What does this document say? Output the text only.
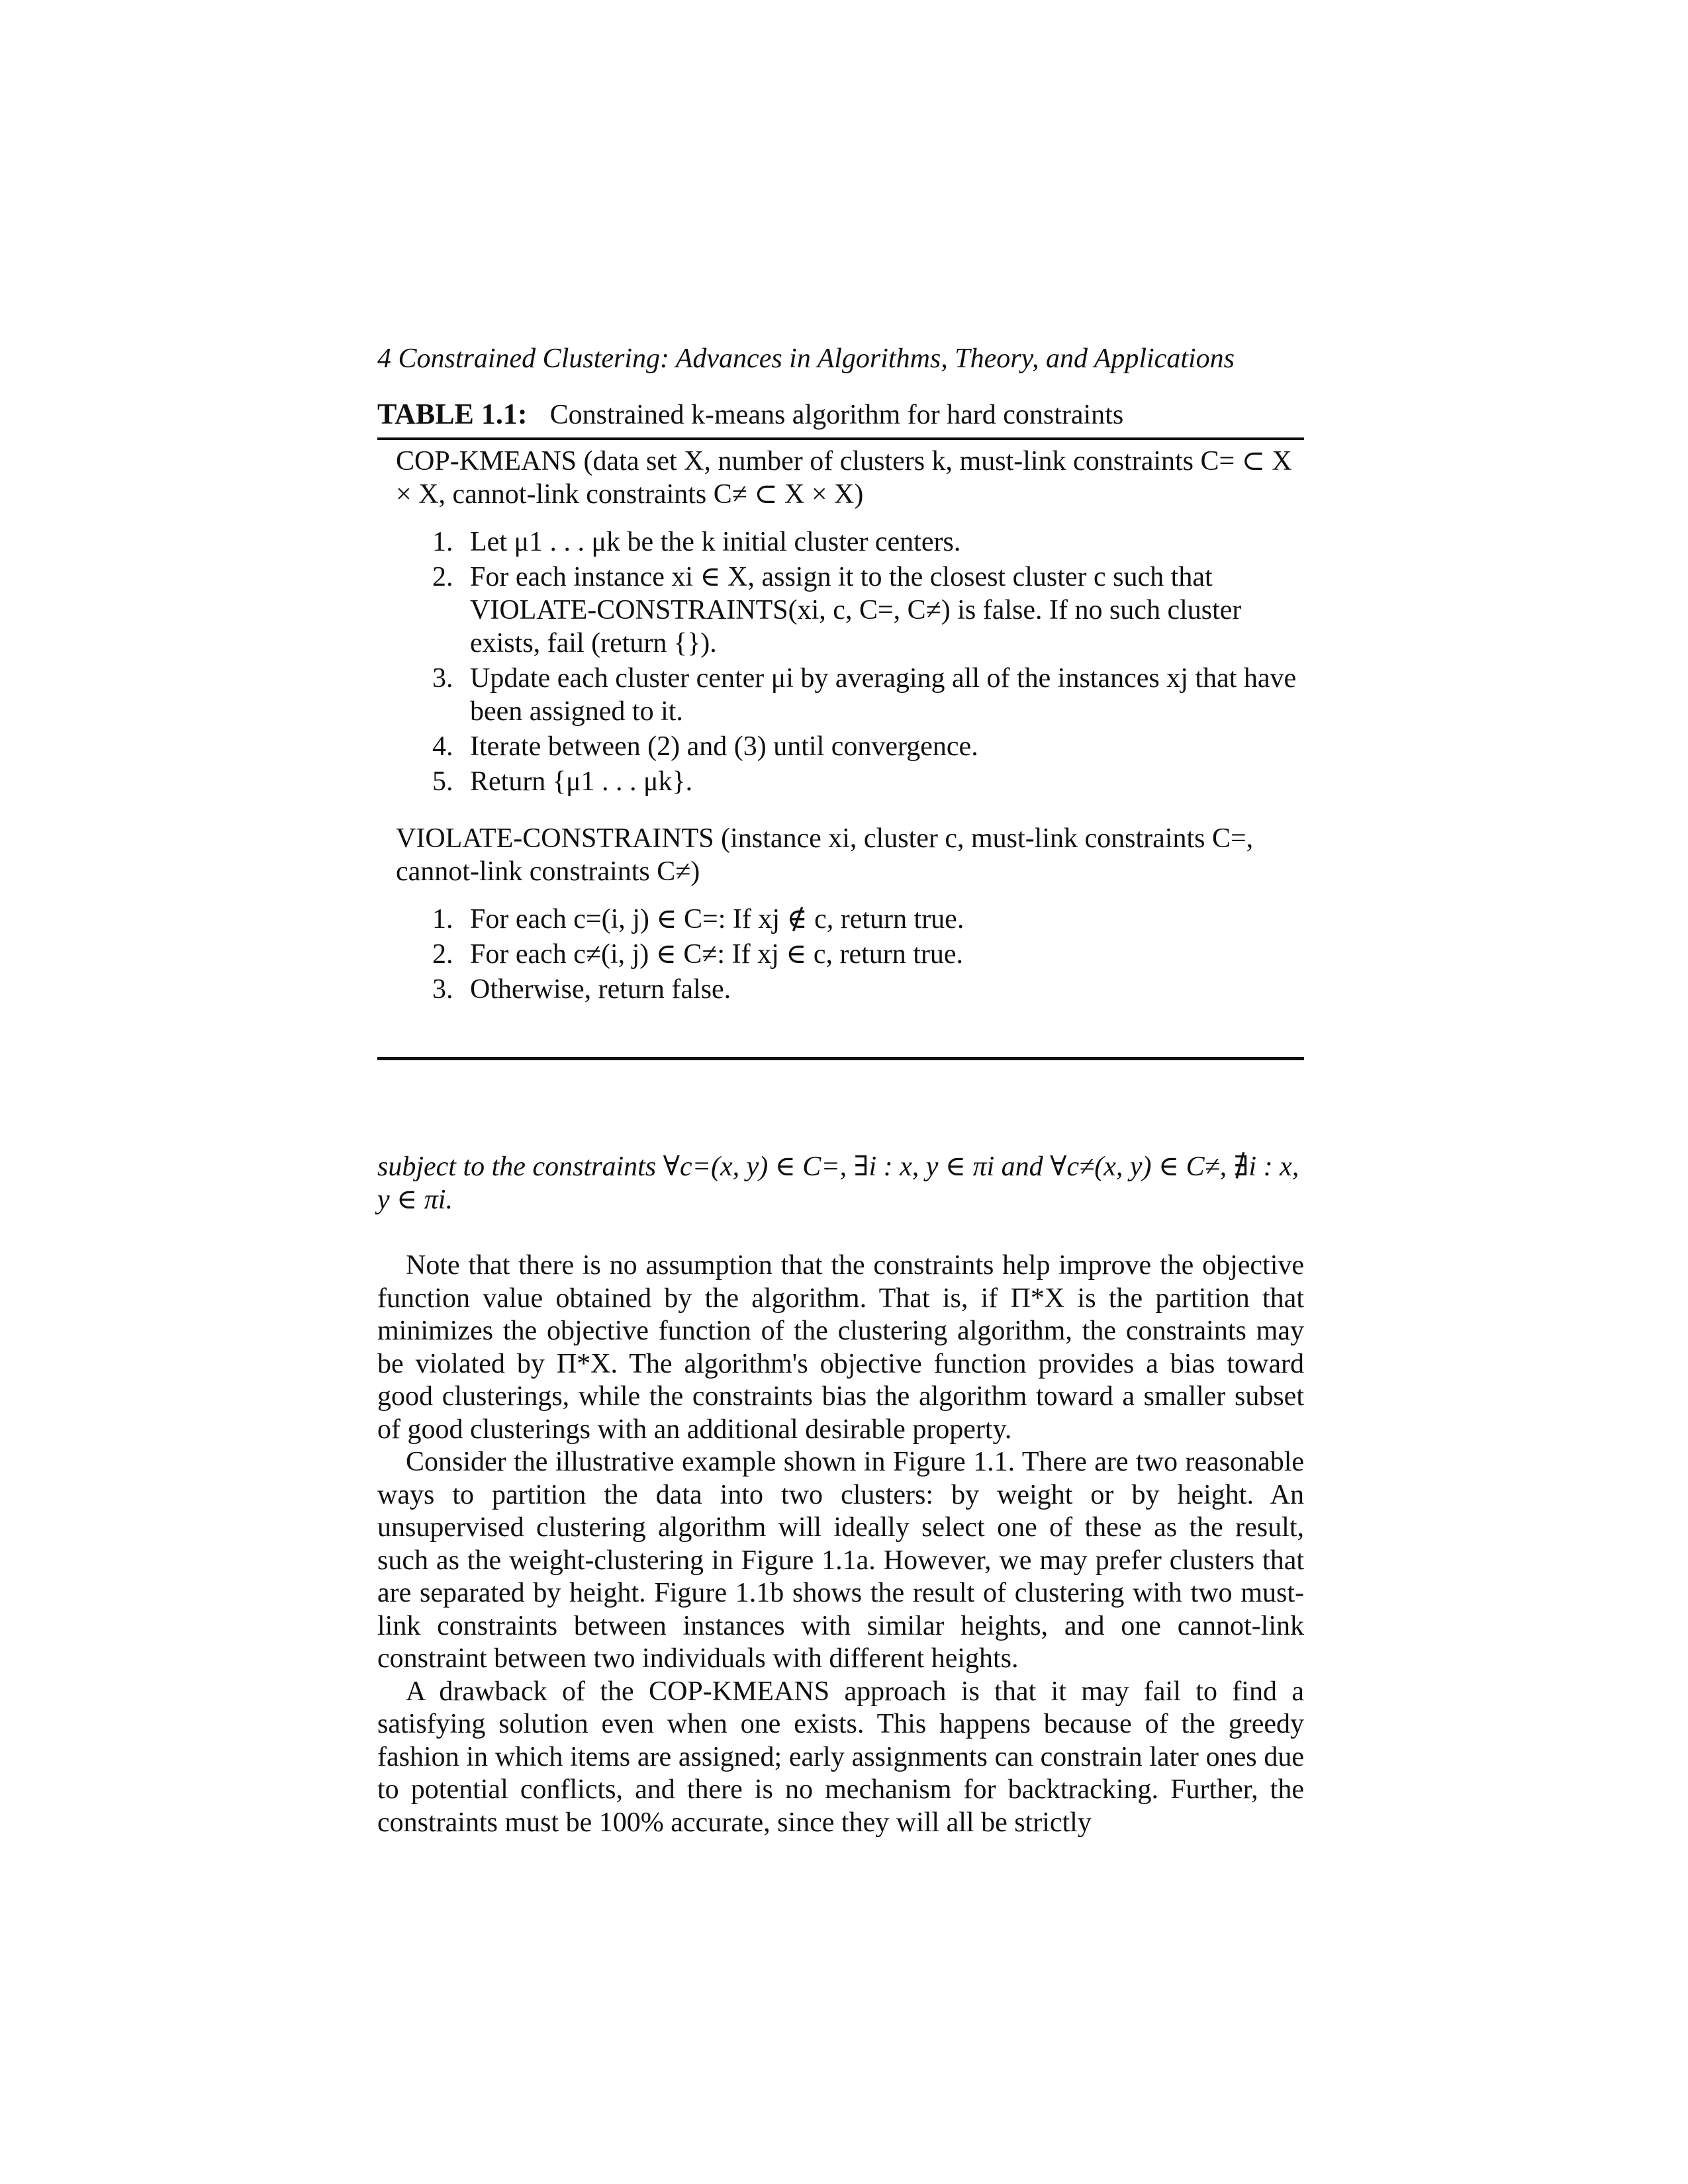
4 Constrained Clustering: Advances in Algorithms, Theory, and Applications
TABLE 1.1: Constrained k-means algorithm for hard constraints
COP-KMEANS (data set X, number of clusters k, must-link constraints C= ⊂ X × X, cannot-link constraints C≠ ⊂ X × X)
1. Let μ1 . . . μk be the k initial cluster centers.
2. For each instance xi ∈ X, assign it to the closest cluster c such that VIOLATE-CONSTRAINTS(xi, c, C=, C≠) is false. If no such cluster exists, fail (return {}).
3. Update each cluster center μi by averaging all of the instances xj that have been assigned to it.
4. Iterate between (2) and (3) until convergence.
5. Return {μ1 . . . μk}.
VIOLATE-CONSTRAINTS (instance xi, cluster c, must-link constraints C=, cannot-link constraints C≠)
1. For each c=(i, j) ∈ C=: If xj ∉ c, return true.
2. For each c≠(i, j) ∈ C≠: If xj ∈ c, return true.
3. Otherwise, return false.
subject to the constraints ∀c=(x, y) ∈ C=, ∃i : x, y ∈ πi and ∀c≠(x, y) ∈ C≠, ∄i : x, y ∈ πi.

Note that there is no assumption that the constraints help improve the objective function value obtained by the algorithm. That is, if Π*X is the partition that minimizes the objective function of the clustering algorithm, the constraints may be violated by Π*X. The algorithm's objective function provides a bias toward good clusterings, while the constraints bias the algorithm toward a smaller subset of good clusterings with an additional desirable property.

Consider the illustrative example shown in Figure 1.1. There are two reasonable ways to partition the data into two clusters: by weight or by height. An unsupervised clustering algorithm will ideally select one of these as the result, such as the weight-clustering in Figure 1.1a. However, we may prefer clusters that are separated by height. Figure 1.1b shows the result of clustering with two must-link constraints between instances with similar heights, and one cannot-link constraint between two individuals with different heights.

A drawback of the COP-KMEANS approach is that it may fail to find a satisfying solution even when one exists. This happens because of the greedy fashion in which items are assigned; early assignments can constrain later ones due to potential conflicts, and there is no mechanism for backtracking. Further, the constraints must be 100% accurate, since they will all be strictly
